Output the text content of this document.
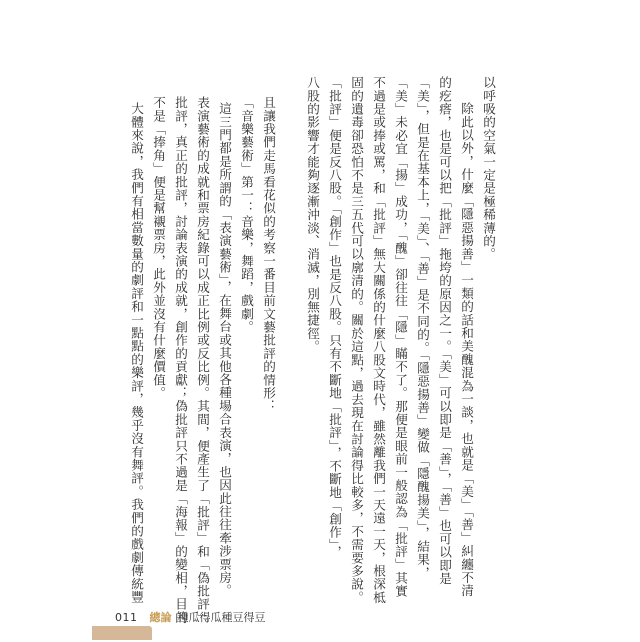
以呼吸的空氣一定是極稀薄的。
除此以外，什麼「隱惡揚善」一類的話和美醜混為一談，也就是「美」「善」糾纏不清
的疙瘩，也是可以把「批評」拖垮的原因之一。「美」可以即是「善」，「善」也可以即是
「美」，但是在基本上，「美」、「善」是不同的。「隱惡揚善」變做「隱醜揚美」，結果，
「美」未必宜「揚」成功，「醜」卻往往「隱」瞞不了。那便是眼前一般認為「批評」其實
不過是或捧或罵，和「批評」無大關係的什麼八股文時代，雖然離我們一天遠一天，根深柢
固的遺毒卻恐怕不是三五代可以廓清的。關於這點，過去現在討論得比較多，不需要多說。
「批評」便是反八股。「創作」也是反八股。只有不斷地「批評」，不斷地「創作」，
八股的影響才能夠逐漸沖淡、消滅，別無捷徑。
且讓我們走馬看花似的考察一番目前文藝批評的情形：
「音樂藝術」第一：音樂，舞蹈，戲劇。
這三門都是所謂的「表演藝術」，在舞台或其他各種場合表演，也因此往往牽涉票房。
表演藝術的成就和票房紀錄可以成正比例或反比例。其間，便產生了「批評」和「偽批評」。
批評，真正的批評，討論表演的成就，創作的貢獻；偽批評只不過是「海報」的變相，目的
不是「捧角」便是幫襯票房，此外並沒有什麼價值。
大體來說，我們有相當數量的劇評和一點點的樂評，幾乎沒有舞評。我們的戲劇傳統豐
011 總論 種瓜得瓜種豆得豆
